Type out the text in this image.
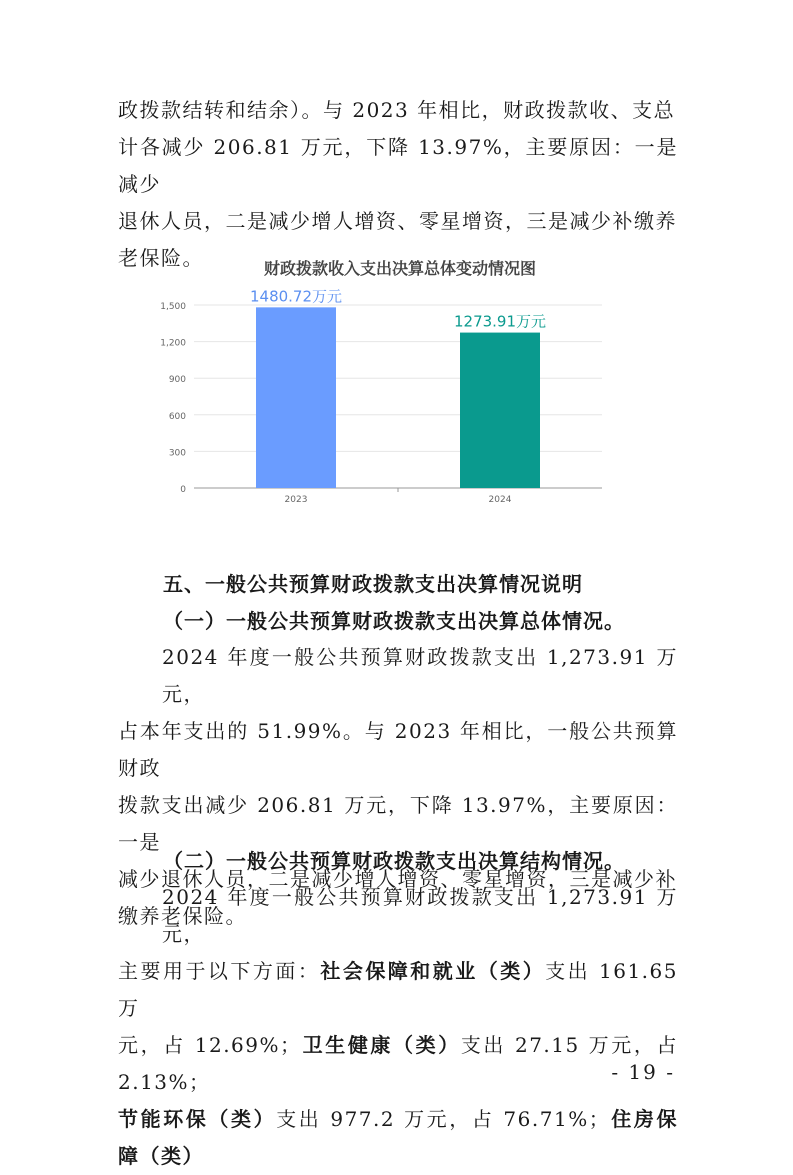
政拨款结转和结余）。与 2023 年相比，财政拨款收、支总
计各减少 206.81 万元，下降 13.97%，主要原因：一是减少
退休人员，二是减少增人增资、零星增资，三是减少补缴养
老保险。	财政拨款收入支出决算总体变动情况图
0
300
600
900
1,200
1,500
1480.72万元
1273.91万元
2023	2024

五、一般公共预算财政拨款支出决算情况说明

（一）一般公共预算财政拨款支出决算总体情况。

2024 年度一般公共预算财政拨款支出 1,273.91 万元，
占本年支出的 51.99%。与 2023 年相比，一般公共预算财政
拨款支出减少 206.81 万元，下降 13.97%，主要原因：一是
减少退休人员，二是减少增人增资、零星增资，三是减少补
缴养老保险。

（二）一般公共预算财政拨款支出决算结构情况。

2024 年度一般公共预算财政拨款支出 1,273.91 万元，
主要用于以下方面：社会保障和就业（类）支出 161.65 万
元，占 12.69%；卫生健康（类）支出 27.15 万元，占 2.13%；
节能环保（类）支出 977.2 万元，占 76.71%；住房保障（类）
- 19 -
